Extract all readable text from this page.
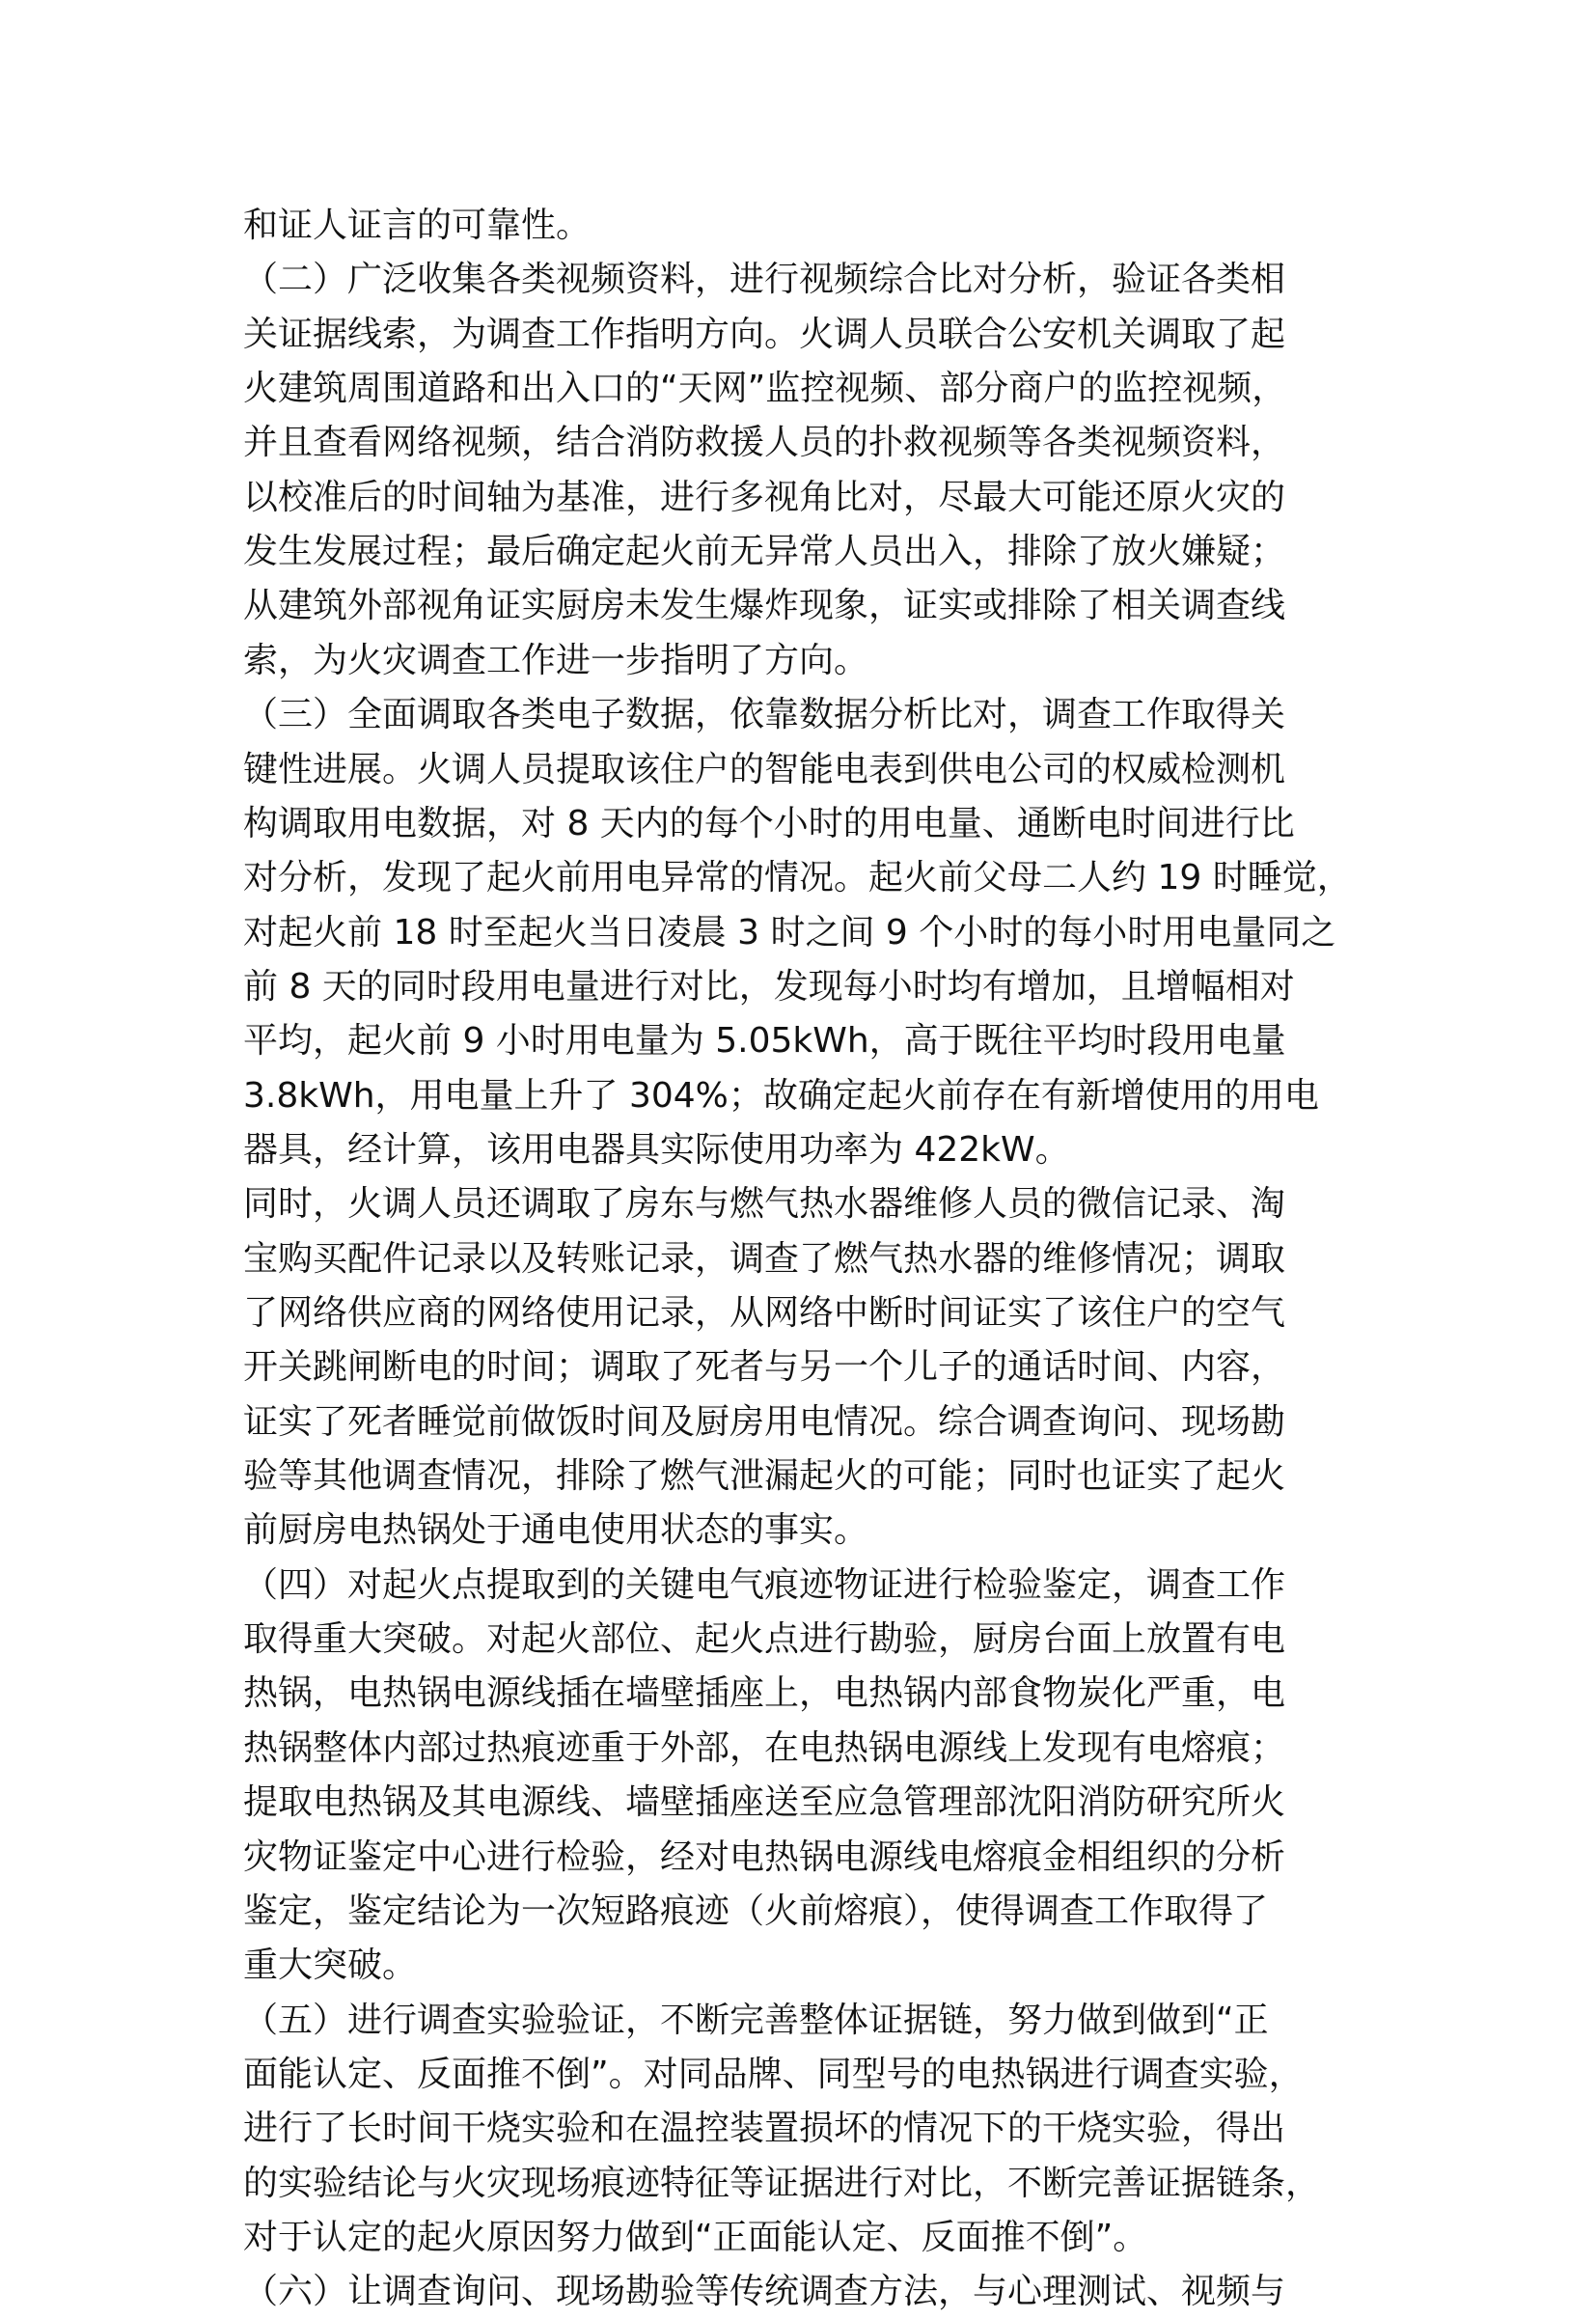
和证人证言的可靠性。
（二）广泛收集各类视频资料，进行视频综合比对分析，验证各类相
关证据线索，为调查工作指明方向。火调人员联合公安机关调取了起
火建筑周围道路和出入口的“天网”监控视频、部分商户的监控视频，
并且查看网络视频，结合消防救援人员的扑救视频等各类视频资料，
以校准后的时间轴为基准，进行多视角比对，尽最大可能还原火灾的
发生发展过程；最后确定起火前无异常人员出入，排除了放火嫌疑；
从建筑外部视角证实厨房未发生爆炸现象，证实或排除了相关调查线
索，为火灾调查工作进一步指明了方向。
（三）全面调取各类电子数据，依靠数据分析比对，调查工作取得关
键性进展。火调人员提取该住户的智能电表到供电公司的权威检测机
构调取用电数据，对 8 天内的每个小时的用电量、通断电时间进行比
对分析，发现了起火前用电异常的情况。起火前父母二人约 19 时睡觉，
对起火前 18 时至起火当日凌晨 3 时之间 9 个小时的每小时用电量同之
前 8 天的同时段用电量进行对比，发现每小时均有增加，且增幅相对
平均，起火前 9 小时用电量为 5.05kWh，高于既往平均时段用电量
3.8kWh，用电量上升了 304%；故确定起火前存在有新增使用的用电
器具，经计算，该用电器具实际使用功率为 422kW。
同时，火调人员还调取了房东与燃气热水器维修人员的微信记录、淘
宝购买配件记录以及转账记录，调查了燃气热水器的维修情况；调取
了网络供应商的网络使用记录，从网络中断时间证实了该住户的空气
开关跳闸断电的时间；调取了死者与另一个儿子的通话时间、内容，
证实了死者睡觉前做饭时间及厨房用电情况。综合调查询问、现场勘
验等其他调查情况，排除了燃气泄漏起火的可能；同时也证实了起火
前厨房电热锅处于通电使用状态的事实。
（四）对起火点提取到的关键电气痕迹物证进行检验鉴定，调查工作
取得重大突破。对起火部位、起火点进行勘验，厨房台面上放置有电
热锅，电热锅电源线插在墙壁插座上，电热锅内部食物炭化严重，电
热锅整体内部过热痕迹重于外部，在电热锅电源线上发现有电熔痕；
提取电热锅及其电源线、墙壁插座送至应急管理部沈阳消防研究所火
灾物证鉴定中心进行检验，经对电热锅电源线电熔痕金相组织的分析
鉴定，鉴定结论为一次短路痕迹（火前熔痕），使得调查工作取得了
重大突破。
（五）进行调查实验验证，不断完善整体证据链，努力做到做到“正
面能认定、反面推不倒”。对同品牌、同型号的电热锅进行调查实验，
进行了长时间干烧实验和在温控装置损坏的情况下的干烧实验，得出
的实验结论与火灾现场痕迹特征等证据进行对比，不断完善证据链条，
对于认定的起火原因努力做到“正面能认定、反面推不倒”。
（六）让调查询问、现场勘验等传统调查方法，与心理测试、视频与
